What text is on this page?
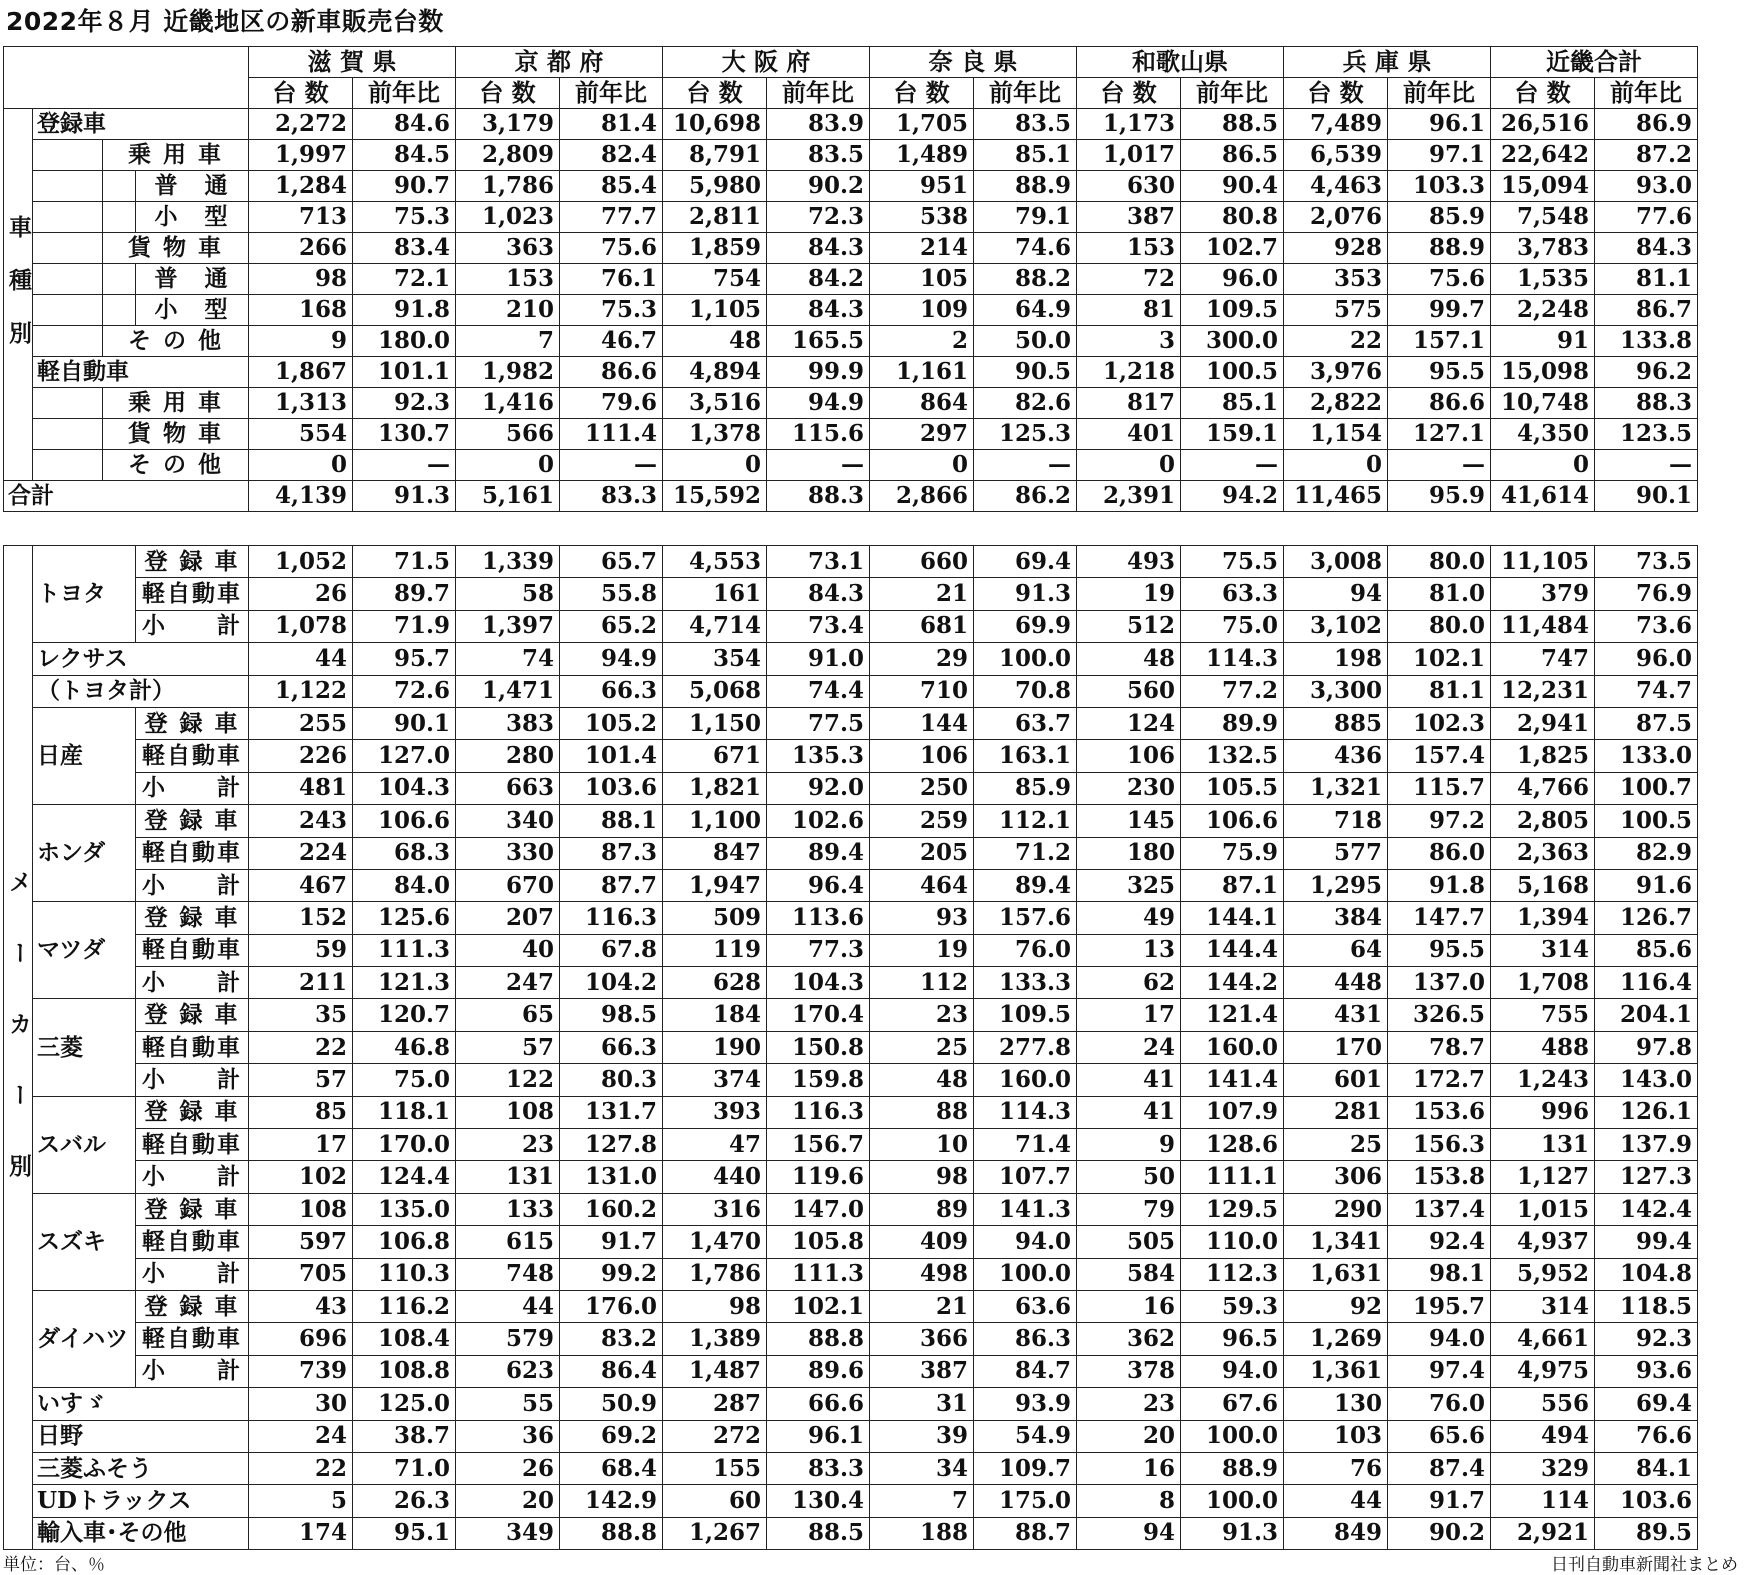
2022年８月 近畿地区の新車販売台数
				滋 賀 県		京 都 府		大 阪 府		奈 良 県		和歌山県		兵 庫 県		近畿合計	
				台 数	前年比	台 数	前年比	台 数	前年比	台 数	前年比	台 数	前年比	台 数	前年比	台 数	前年比
車種別	登録車			2,272	84.6	3,179	81.4	10,698	83.9	1,705	83.5	1,173	88.5	7,489	96.1	26,516	86.9
		乗 用 車		1,997	84.5	2,809	82.4	8,791	83.5	1,489	85.1	1,017	86.5	6,539	97.1	22,642	87.2
			普　通	1,284	90.7	1,786	85.4	5,980	90.2	951	88.9	630	90.4	4,463	103.3	15,094	93.0
			小　型	713	75.3	1,023	77.7	2,811	72.3	538	79.1	387	80.8	2,076	85.9	7,548	77.6
		貨 物 車		266	83.4	363	75.6	1,859	84.3	214	74.6	153	102.7	928	88.9	3,783	84.3
			普　通	98	72.1	153	76.1	754	84.2	105	88.2	72	96.0	353	75.6	1,535	81.1
			小　型	168	91.8	210	75.3	1,105	84.3	109	64.9	81	109.5	575	99.7	2,248	86.7
		そ の 他		9	180.0	7	46.7	48	165.5	2	50.0	3	300.0	22	157.1	91	133.8
	軽自動車			1,867	101.1	1,982	86.6	4,894	99.9	1,161	90.5	1,218	100.5	3,976	95.5	15,098	96.2
		乗 用 車		1,313	92.3	1,416	79.6	3,516	94.9	864	82.6	817	85.1	2,822	86.6	10,748	88.3
		貨 物 車		554	130.7	566	111.4	1,378	115.6	297	125.3	401	159.1	1,154	127.1	4,350	123.5
		そ の 他		0	—	0	—	0	—	0	—	0	—	0	—	0	—
合計				4,139	91.3	5,161	83.3	15,592	88.3	2,866	86.2	2,391	94.2	11,465	95.9	41,614	90.1
メーカー別	トヨタ	登 録 車	1,052	71.5	1,339	65.7	4,553	73.1	660	69.4	493	75.5	3,008	80.0	11,105	73.5
		軽自動車	26	89.7	58	55.8	161	84.3	21	91.3	19	63.3	94	81.0	379	76.9
		小　　計	1,078	71.9	1,397	65.2	4,714	73.4	681	69.9	512	75.0	3,102	80.0	11,484	73.6
	レクサス		44	95.7	74	94.9	354	91.0	29	100.0	48	114.3	198	102.1	747	96.0
	（トヨタ計）		1,122	72.6	1,471	66.3	5,068	74.4	710	70.8	560	77.2	3,300	81.1	12,231	74.7
	日産	登 録 車	255	90.1	383	105.2	1,150	77.5	144	63.7	124	89.9	885	102.3	2,941	87.5
		軽自動車	226	127.0	280	101.4	671	135.3	106	163.1	106	132.5	436	157.4	1,825	133.0
		小　　計	481	104.3	663	103.6	1,821	92.0	250	85.9	230	105.5	1,321	115.7	4,766	100.7
	ホンダ	登 録 車	243	106.6	340	88.1	1,100	102.6	259	112.1	145	106.6	718	97.2	2,805	100.5
		軽自動車	224	68.3	330	87.3	847	89.4	205	71.2	180	75.9	577	86.0	2,363	82.9
		小　　計	467	84.0	670	87.7	1,947	96.4	464	89.4	325	87.1	1,295	91.8	5,168	91.6
	マツダ	登 録 車	152	125.6	207	116.3	509	113.6	93	157.6	49	144.1	384	147.7	1,394	126.7
		軽自動車	59	111.3	40	67.8	119	77.3	19	76.0	13	144.4	64	95.5	314	85.6
		小　　計	211	121.3	247	104.2	628	104.3	112	133.3	62	144.2	448	137.0	1,708	116.4
	三菱	登 録 車	35	120.7	65	98.5	184	170.4	23	109.5	17	121.4	431	326.5	755	204.1
		軽自動車	22	46.8	57	66.3	190	150.8	25	277.8	24	160.0	170	78.7	488	97.8
		小　　計	57	75.0	122	80.3	374	159.8	48	160.0	41	141.4	601	172.7	1,243	143.0
	スバル	登 録 車	85	118.1	108	131.7	393	116.3	88	114.3	41	107.9	281	153.6	996	126.1
		軽自動車	17	170.0	23	127.8	47	156.7	10	71.4	9	128.6	25	156.3	131	137.9
		小　　計	102	124.4	131	131.0	440	119.6	98	107.7	50	111.1	306	153.8	1,127	127.3
	スズキ	登 録 車	108	135.0	133	160.2	316	147.0	89	141.3	79	129.5	290	137.4	1,015	142.4
		軽自動車	597	106.8	615	91.7	1,470	105.8	409	94.0	505	110.0	1,341	92.4	4,937	99.4
		小　　計	705	110.3	748	99.2	1,786	111.3	498	100.0	584	112.3	1,631	98.1	5,952	104.8
	ダイハツ	登 録 車	43	116.2	44	176.0	98	102.1	21	63.6	16	59.3	92	195.7	314	118.5
		軽自動車	696	108.4	579	83.2	1,389	88.8	366	86.3	362	96.5	1,269	94.0	4,661	92.3
		小　　計	739	108.8	623	86.4	1,487	89.6	387	84.7	378	94.0	1,361	97.4	4,975	93.6
	いすゞ		30	125.0	55	50.9	287	66.6	31	93.9	23	67.6	130	76.0	556	69.4
	日野		24	38.7	36	69.2	272	96.1	39	54.9	20	100.0	103	65.6	494	76.6
	三菱ふそう		22	71.0	26	68.4	155	83.3	34	109.7	16	88.9	76	87.4	329	84.1
	UDトラックス		5	26.3	20	142.9	60	130.4	7	175.0	8	100.0	44	91.7	114	103.6
	輸入車･その他		174	95.1	349	88.8	1,267	88.5	188	88.7	94	91.3	849	90.2	2,921	89.5
単位：台、％	日刊自動車新聞社まとめ
